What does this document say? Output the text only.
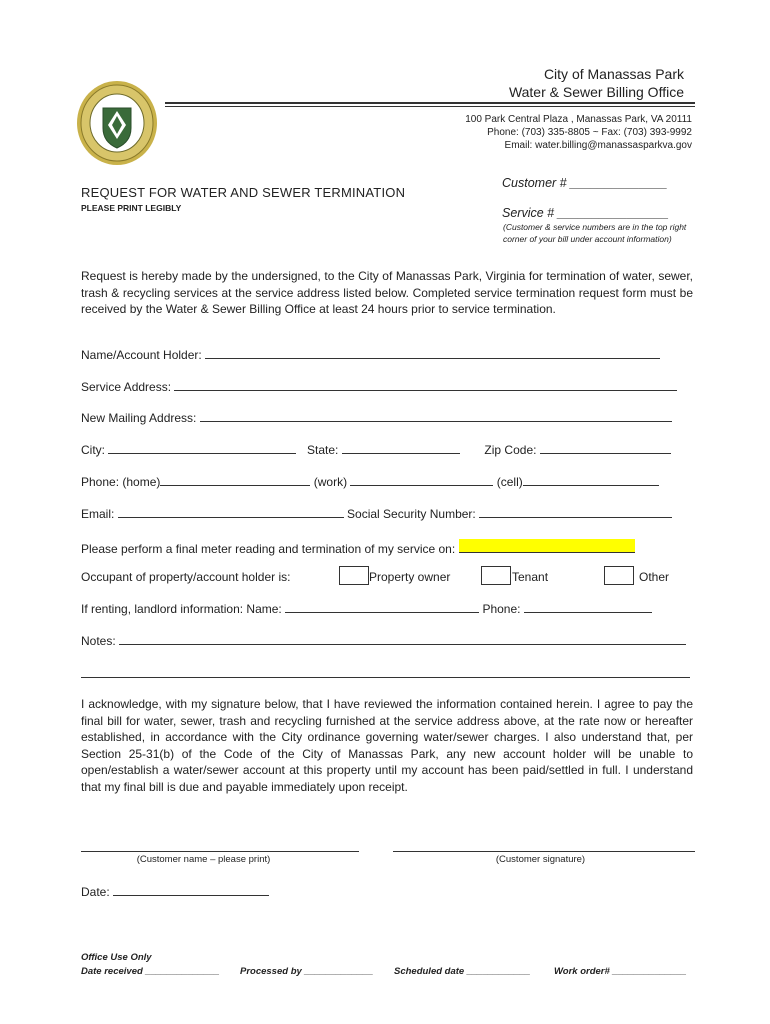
City of Manassas Park
Water & Sewer Billing Office
100 Park Central Plaza , Manassas Park, VA 20111
Phone: (703) 335-8805 ~ Fax: (703) 393-9992
Email: water.billing@manassasparkva.gov
REQUEST FOR WATER AND SEWER TERMINATION
PLEASE PRINT LEGIBLY
Customer # ______________
Service # ________________
(Customer & service numbers are in the top right corner of your bill under account information)
Request is hereby made by the undersigned, to the City of Manassas Park, Virginia for termination of water, sewer, trash & recycling services at the service address listed below. Completed service termination request form must be received by the Water & Sewer Billing Office at least 24 hours prior to service termination.
Name/Account Holder:
Service Address:
New Mailing Address:
City:	State:	Zip Code:
Phone: (home)	(work)	(cell)
Email:	Social Security Number:
Please perform a final meter reading and termination of my service on:
Occupant of property/account holder is:	Property owner	Tenant	Other
If renting, landlord information: Name:	Phone:
Notes:
I acknowledge, with my signature below, that I have reviewed the information contained herein. I agree to pay the final bill for water, sewer, trash and recycling furnished at the service address above, at the rate now or hereafter established, in accordance with the City ordinance governing water/sewer charges. I also understand that, per Section 25-31(b) of the Code of the City of Manassas Park, any new account holder will be unable to open/establish a water/sewer account at this property until my account has been paid/settled in full. I understand that my final bill is due and payable immediately upon receipt.
(Customer name – please print)	(Customer signature)
Date:
Office Use Only
Date received ______________ Processed by _____________ Scheduled date ____________ Work order# ______________
